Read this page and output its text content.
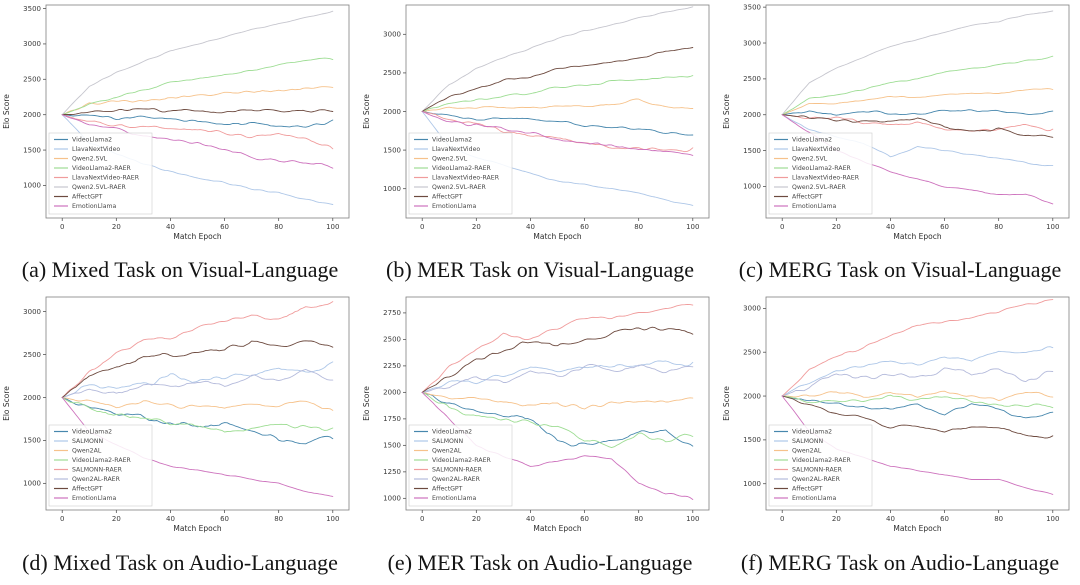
1000
1500
2000
2500
3000
3500
0	20	40	60	80	100
Match Epoch
Elo Score
VideoLlama2
LlavaNextVideo
Qwen2.5VL
VideoLlama2-RAER
LlavaNextVideo-RAER
Qwen2.5VL-RAER
AffectGPT
EmotionLlama
1000
1500
2000
2500
3000
0	20	40	60	80	100
Match Epoch
Elo Score
VideoLlama2
LlavaNextVideo
Qwen2.5VL
VideoLlama2-RAER
LlavaNextVideo-RAER
Qwen2.5VL-RAER
AffectGPT
EmotionLlama
1000
1500
2000
2500
3000
3500
0	20	40	60	80	100
Match Epoch
Elo Score
VideoLlama2
LlavaNextVideo
Qwen2.5VL
VideoLlama2-RAER
LlavaNextVideo-RAER
Qwen2.5VL-RAER
AffectGPT
EmotionLlama
(a) Mixed Task on Visual-Language	(b) MER Task on Visual-Language	(c) MERG Task on Visual-Language
1000
1500
2000
2500
3000
0	20	40	60	80	100
Match Epoch
Elo Score
VideoLlama2
SALMONN
Qwen2AL
VideoLlama2-RAER
SALMONN-RAER
Qwen2AL-RAER
AffectGPT
EmotionLlama	1000
1250
1500
1750
2000
2250
2500
2750
0	20	40	60	80	100
Match Epoch
Elo Score
VideoLlama2
SALMONN
Qwen2AL
VideoLlama2-RAER
SALMONN-RAER
Qwen2AL-RAER
AffectGPT
EmotionLlama
1000
1500
2000
2500
3000
0	20	40	60	80	100
Match Epoch
Elo Score
VideoLlama2
SALMONN
Qwen2AL
VideoLlama2-RAER
SALMONN-RAER
Qwen2AL-RAER
AffectGPT
EmotionLlama
(d) Mixed Task on Audio-Language	(e) MER Task on Audio-Language	(f) MERG Task on Audio-Language
